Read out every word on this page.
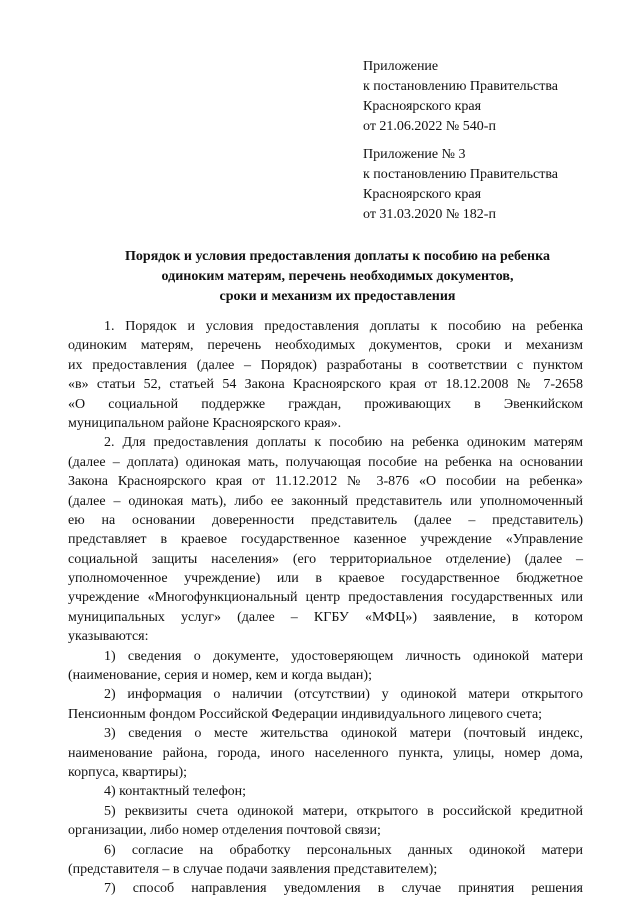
Приложение
к постановлению Правительства
Красноярского края
от 21.06.2022 № 540-п
Приложение № 3
к постановлению Правительства
Красноярского края
от 31.03.2020 № 182-п
Порядок и условия предоставления доплаты к пособию на ребенка
одиноким матерям, перечень необходимых документов,
сроки и механизм их предоставления
1. Порядок и условия предоставления доплаты к пособию на ребенка
одиноким матерям, перечень необходимых документов, сроки и механизм
их предоставления (далее – Порядок) разработаны в соответствии с пунктом
«в» статьи 52, статьей 54 Закона Красноярского края от 18.12.2008 № 7-2658
«О социальной поддержке граждан, проживающих в Эвенкийском
муниципальном районе Красноярского края».
2. Для предоставления доплаты к пособию на ребенка одиноким матерям
(далее – доплата) одинокая мать, получающая пособие на ребенка на основании
Закона Красноярского края от 11.12.2012 № 3-876 «О пособии на ребенка»
(далее – одинокая мать), либо ее законный представитель или уполномоченный
ею на основании доверенности представитель (далее – представитель)
представляет в краевое государственное казенное учреждение «Управление
социальной защиты населения» (его территориальное отделение) (далее –
уполномоченное учреждение) или в краевое государственное бюджетное
учреждение «Многофункциональный центр предоставления государственных или
муниципальных услуг» (далее – КГБУ «МФЦ») заявление, в котором
указываются:
1) сведения о документе, удостоверяющем личность одинокой матери
(наименование, серия и номер, кем и когда выдан);
2) информация о наличии (отсутствии) у одинокой матери открытого
Пенсионным фондом Российской Федерации индивидуального лицевого счета;
3) сведения о месте жительства одинокой матери (почтовый индекс,
наименование района, города, иного населенного пункта, улицы, номер дома,
корпуса, квартиры);
4) контактный телефон;
5) реквизиты счета одинокой матери, открытого в российской кредитной
организации, либо номер отделения почтовой связи;
6) согласие на обработку персональных данных одинокой матери
(представителя – в случае подачи заявления представителем);
7) способ направления уведомления в случае принятия решения
